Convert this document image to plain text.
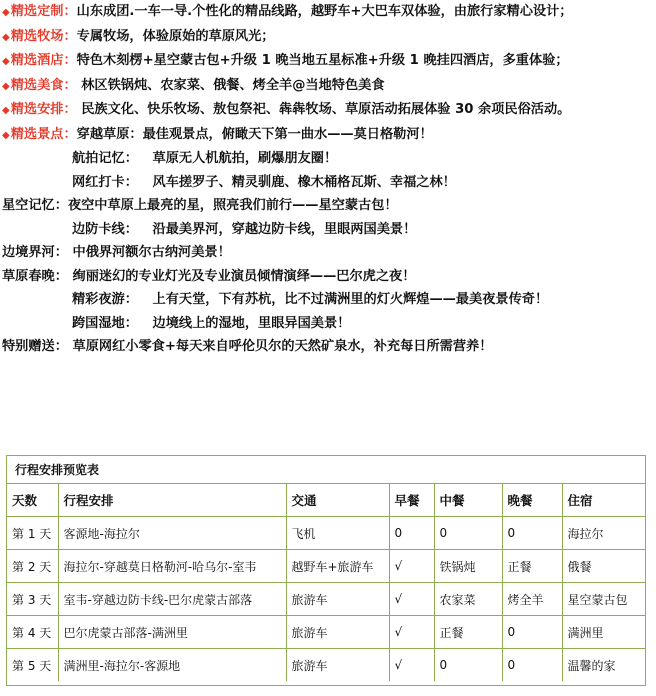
◆精选定制：山东成团.一车一导.个性化的精品线路，越野车+大巴车双体验，由旅行家精心设计；

◆精选牧场：专属牧场，体验原始的草原风光；

◆精选酒店：特色木刻楞+星空蒙古包+升级 1 晚当地五星标准+升级 1 晚挂四酒店，多重体验；

◆精选美食： 林区铁锅炖、农家菜、俄餐、烤全羊@当地特色美食

◆精选安排： 民族文化、快乐牧场、敖包祭祀、犇犇牧场、草原活动拓展体验 30 余项民俗活动。

◆精选景点：穿越草原：最佳观景点，俯瞰天下第一曲水——莫日格勒河！

航拍记忆： 草原无人机航拍，刷爆朋友圈！

网红打卡： 风车搓罗子、精灵驯鹿、橡木桶格瓦斯、幸福之林！

星空记忆：夜空中草原上最亮的星，照亮我们前行——星空蒙古包！

边防卡线： 沿最美界河，穿越边防卡线，里眼两国美景！

边境界河： 中俄界河额尔古纳河美景！

草原春晚： 绚丽迷幻的专业灯光及专业演员倾情演绎——巴尔虎之夜！

精彩夜游： 上有天堂，下有苏杭，比不过满洲里的灯火辉煌——最美夜景传奇！

跨国湿地： 边境线上的湿地，里眼异国美景！

特别赠送： 草原网红小零食+每天来自呼伦贝尔的天然矿泉水，补充每日所需营养！

行程安排预览表
天数	行程安排	交通	早餐	中餐	晚餐	住宿
第 1 天	客源地-海拉尔	飞机	0	0	0	海拉尔
第 2 天	海拉尔-穿越莫日格勒河-哈乌尔-室韦	越野车+旅游车	√	铁锅炖	正餐	俄餐
第 3 天	室韦-穿越边防卡线-巴尔虎蒙古部落	旅游车	√	农家菜	烤全羊	星空蒙古包
第 4 天	巴尔虎蒙古部落-满洲里	旅游车	√	正餐	0	满洲里
第 5 天	满洲里-海拉尔-客源地	旅游车	√	0	0	温馨的家
